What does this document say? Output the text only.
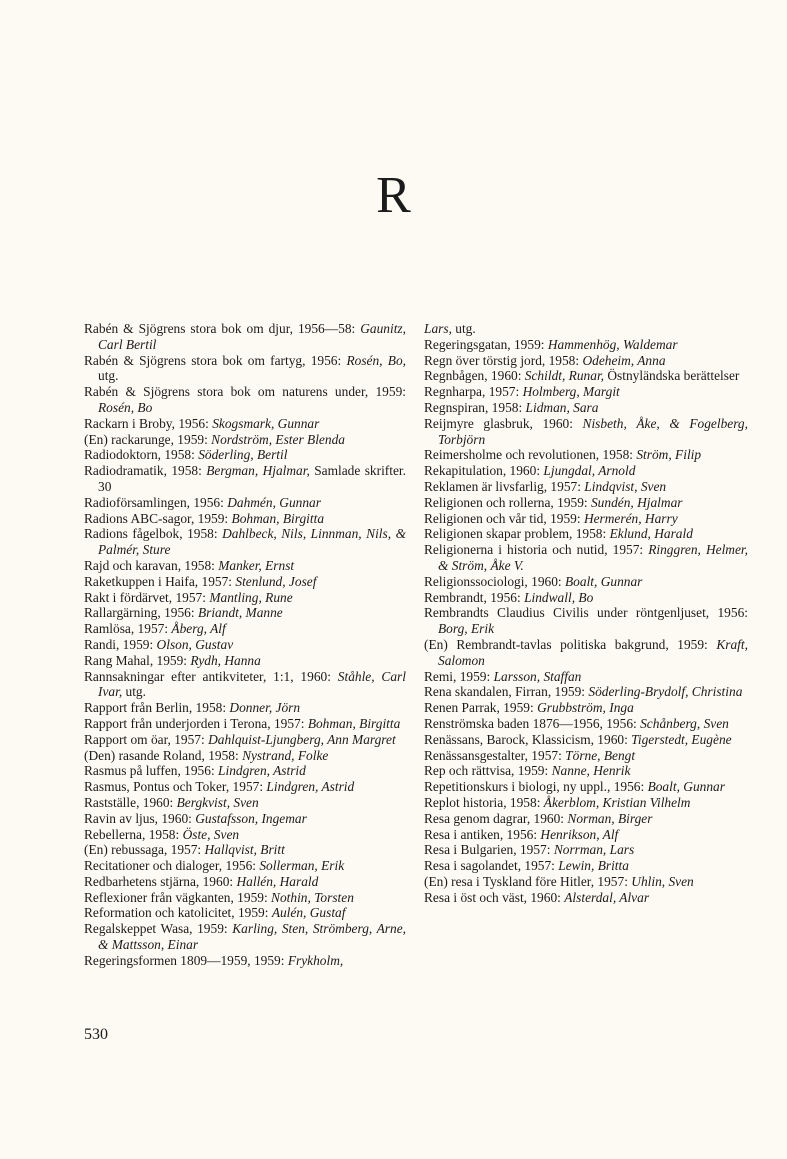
R

Rabén & Sjögrens stora bok om djur, 1956—58: Gaunitz, Carl Bertil

Rabén & Sjögrens stora bok om fartyg, 1956: Rosén, Bo, utg.

Rabén & Sjögrens stora bok om naturens under, 1959: Rosén, Bo

Rackarn i Broby, 1956: Skogsmark, Gunnar

(En) rackarunge, 1959: Nordström, Ester Blenda

Radiodoktorn, 1958: Söderling, Bertil

Radiodramatik, 1958: Bergman, Hjalmar, Samlade skrifter. 30

Radioförsamlingen, 1956: Dahmén, Gunnar

Radions ABC-sagor, 1959: Bohman, Birgitta

Radions fågelbok, 1958: Dahlbeck, Nils, Linnman, Nils, & Palmér, Sture

Rajd och karavan, 1958: Manker, Ernst

Raketkuppen i Haifa, 1957: Stenlund, Josef

Rakt i fördärvet, 1957: Mantling, Rune

Rallargärning, 1956: Briandt, Manne

Ramlösa, 1957: Åberg, Alf

Randi, 1959: Olson, Gustav

Rang Mahal, 1959: Rydh, Hanna

Rannsakningar efter antikviteter, 1:1, 1960: Ståhle, Carl Ivar, utg.

Rapport från Berlin, 1958: Donner, Jörn

Rapport från underjorden i Terona, 1957: Bohman, Birgitta

Rapport om öar, 1957: Dahlquist-Ljungberg, Ann Margret

(Den) rasande Roland, 1958: Nystrand, Folke

Rasmus på luffen, 1956: Lindgren, Astrid

Rasmus, Pontus och Toker, 1957: Lindgren, Astrid

Rastställe, 1960: Bergkvist, Sven

Ravin av ljus, 1960: Gustafsson, Ingemar

Rebellerna, 1958: Öste, Sven

(En) rebussaga, 1957: Hallqvist, Britt

Recitationer och dialoger, 1956: Sollerman, Erik

Redbarhetens stjärna, 1960: Hallén, Harald

Reflexioner från vägkanten, 1959: Nothin, Torsten

Reformation och katolicitet, 1959: Aulén, Gustaf

Regalskeppet Wasa, 1959: Karling, Sten, Strömberg, Arne, & Mattsson, Einar

Regeringsformen 1809—1959, 1959: Frykholm,

Lars, utg.

Regeringsgatan, 1959: Hammenhög, Waldemar

Regn över törstig jord, 1958: Odeheim, Anna

Regnbågen, 1960: Schildt, Runar, Östnyländska berättelser

Regnharpa, 1957: Holmberg, Margit

Regnspiran, 1958: Lidman, Sara

Reijmyre glasbruk, 1960: Nisbeth, Åke, & Fogelberg, Torbjörn

Reimersholme och revolutionen, 1958: Ström, Filip

Rekapitulation, 1960: Ljungdal, Arnold

Reklamen är livsfarlig, 1957: Lindqvist, Sven

Religionen och rollerna, 1959: Sundén, Hjalmar

Religionen och vår tid, 1959: Hermerén, Harry

Religionen skapar problem, 1958: Eklund, Harald

Religionerna i historia och nutid, 1957: Ringgren, Helmer, & Ström, Åke V.

Religionssociologi, 1960: Boalt, Gunnar

Rembrandt, 1956: Lindwall, Bo

Rembrandts Claudius Civilis under röntgenljuset, 1956: Borg, Erik

(En) Rembrandt-tavlas politiska bakgrund, 1959: Kraft, Salomon

Remi, 1959: Larsson, Staffan

Rena skandalen, Firran, 1959: Söderling-Brydolf, Christina

Renen Parrak, 1959: Grubbström, Inga

Renströmska baden 1876—1956, 1956: Schånberg, Sven

Renässans, Barock, Klassicism, 1960: Tigerstedt, Eugène

Renässansgestalter, 1957: Törne, Bengt

Rep och rättvisa, 1959: Nanne, Henrik

Repetitionskurs i biologi, ny uppl., 1956: Boalt, Gunnar

Replot historia, 1958: Åkerblom, Kristian Vilhelm

Resa genom dagrar, 1960: Norman, Birger

Resa i antiken, 1956: Henrikson, Alf

Resa i Bulgarien, 1957: Norrman, Lars

Resa i sagolandet, 1957: Lewin, Britta

(En) resa i Tyskland före Hitler, 1957: Uhlin, Sven

Resa i öst och väst, 1960: Alsterdal, Alvar

530
